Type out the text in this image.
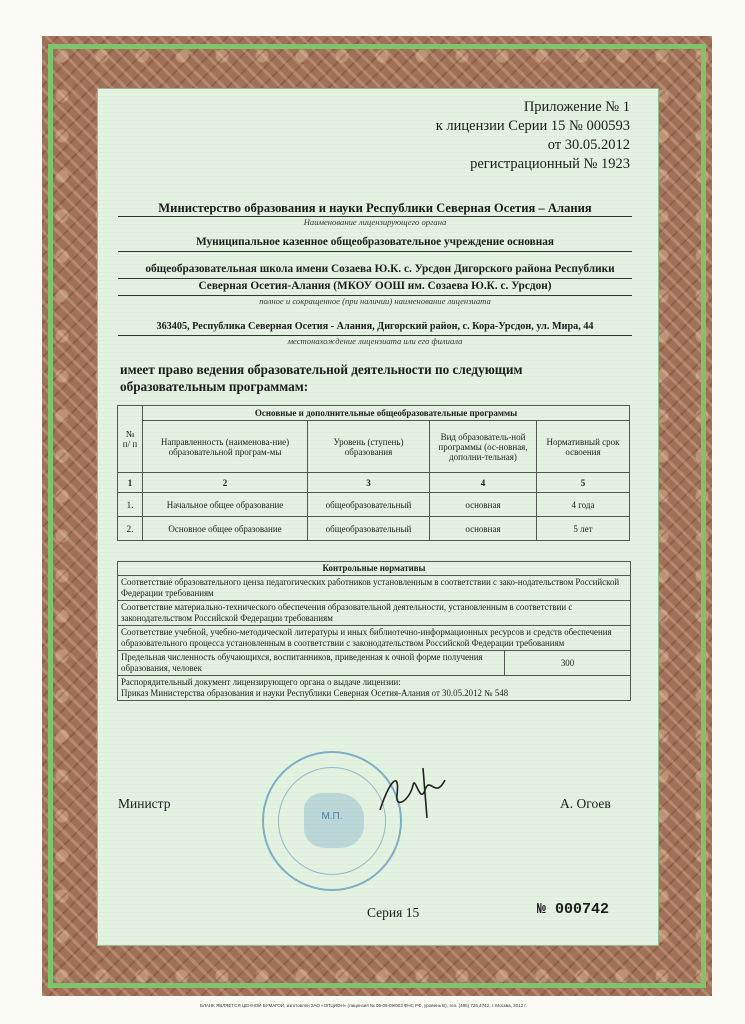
Приложение № 1
к лицензии Серии 15 № 000593
от 30.05.2012
регистрационный № 1923
Министерство образования и науки Республики Северная Осетия – Алания
Наименование лицензирующего органа
Муниципальное казенное общеобразовательное учреждение основная
общеобразовательная школа имени Созаева Ю.К. с. Урсдон Дигорского района Республики
Северная Осетия-Алания (МКОУ ООШ им. Созаева Ю.К. с. Урсдон)
полное и сокращенное (при наличии) наименование лицензиата
363405, Республика Северная Осетия - Алания, Дигорский район, с. Кора-Урсдон, ул. Мира, 44
местонахождение лицензиата или его филиала
имеет право ведения образовательной деятельности по следующим
образовательным программам:
№ п/ п	Основные и дополнительные общеобразовательные программы			
	Направленность (наименова-ние) образовательной програм-мы	Уровень (ступень) образования	Вид образователь-ной программы (ос-новная, дополни-тельная)	Нормативный срок освоения
1	2	3	4	5
1.	Начальное общее образование	общеобразовательный	основная	4 года
2.	Основное общее образование	общеобразовательный	основная	5 лет
Контрольные нормативы
Соответствие образовательного ценза педагогических работников установленным в соответствии с зако-нодательством Российской Федерации требованиям
Соответствие материально-технического обеспечения образовательной деятельности, установленным в соответствии с законодательством Российской Федерации требованиям
Соответствие учебной, учебно-методической литературы и иных библиотечно-информационных ресурсов и средств обеспечения образовательного процесса установленным в соответствии с законодательством Российской Федерации требованиям
Предельная численность обучающихся, воспитанников, приведенная к очной форме получения образования, человек	300

Распорядительный документ лицензирующего органа о выдаче лицензии:
Приказ Министерства образования и науки Республики Северная Осетия-Алания от 30.05.2012 № 548
Министр
М.П.
А. Огоев
Серия 15	№ 000742
БЛАНК ЯВЛЯЕТСЯ ЦЕННОЙ БУМАГОЙ, изготовлен ЗАО «ОПЦИОН» (лицензия № 05-05-09/003 ФНС РФ, уровень В), тел. (495) 726 4742, г. Москва, 2012 г.
